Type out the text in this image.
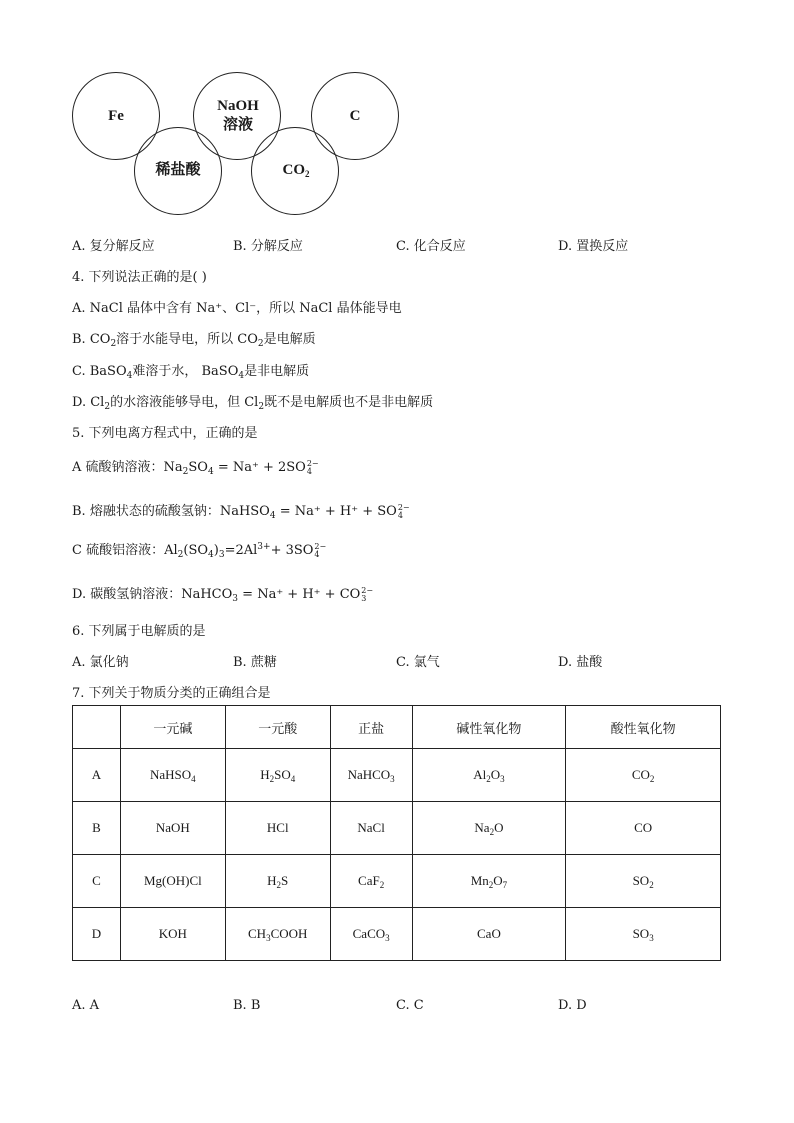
Fe
NaOH
溶液
C
稀盐酸	$CO_2$
A. 复分解反应	B. 分解反应	C. 化合反应	D. 置换反应
4. 下列说法正确的是( )
A. NaCl 晶体中含有 Na⁺、Cl⁻，所以 NaCl 晶体能导电
B. $CO_2$溶于水能导电，所以 $CO_2$是电解质
C. BaSO$_4$难溶于水， BaSO$_4$是非电解质
D. $Cl_2$的水溶液能够导电，但 $Cl_2$既不是电解质也不是非电解质
5. 下列电离方程式中，正确的是
A 硫酸钠溶液：$Na_2SO_4 = Na^+ + 2SO$ 2−
4
B. 熔融状态的硫酸氢钠：NaHSO$_4$ = Na⁺ + H⁺ + SO 2−
4
C 硫酸铝溶液：$Al_2(SO_4)_3=2Al^{3+}+ 3SO$ 2−
4
D. 碳酸氢钠溶液：NaHCO$_3$ = Na⁺ + H⁺ + CO 2−
3
6. 下列属于电解质的是
A. 氯化钠	B. 蔗糖	C. 氯气	D. 盐酸
7. 下列关于物质分类的正确组合是
	一元碱	一元酸	正盐	碱性氧化物	酸性氧化物
A	NaHSO$_4$	$H_2SO_4$	NaHCO$_3$	$Al_2O_3$	$CO_2$
B	NaOH	HCl	NaCl	$Na_2O$	CO
C	Mg(OH)Cl	$H_2S$	CaF$_2$	$Mn_2O_7$	$SO_2$
D	KOH	$CH_3COOH$	CaCO$_3$	CaO	$SO_3$
A. A	B. B	C. C	D. D
